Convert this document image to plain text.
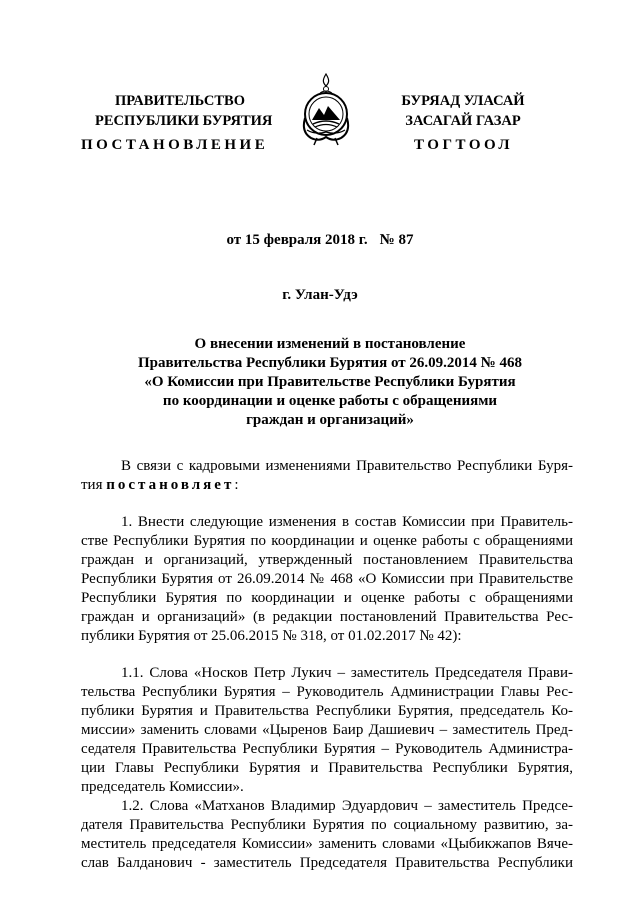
ПРАВИТЕЛЬСТВО
РЕСПУБЛИКИ БУРЯТИЯ
БУРЯАД УЛАСАЙ
ЗАСАГАЙ ГАЗАР
ПОСТАНОВЛЕНИЕ	ТОГТООЛ
от 15 февраля 2018 г. № 87
г. Улан-Удэ
О внесении изменений в постановление
Правительства Республики Бурятия от 26.09.2014 № 468
«О Комиссии при Правительстве Республики Бурятия
по координации и оценке работы с обращениями
граждан и организаций»

В связи с кадровыми изменениями Правительство Республики Буря-
тия постановляет:

1. Внести следующие изменения в состав Комиссии при Правитель-
стве Республики Бурятия по координации и оценке работы с обращениями
граждан и организаций, утвержденный постановлением Правительства
Республики Бурятия от 26.09.2014 № 468 «О Комиссии при Правительстве
Республики Бурятия по координации и оценке работы с обращениями
граждан и организаций» (в редакции постановлений Правительства Рес-
публики Бурятия от 25.06.2015 № 318, от 01.02.2017 № 42):

1.1. Слова «Носков Петр Лукич – заместитель Председателя Прави-
тельства Республики Бурятия – Руководитель Администрации Главы Рес-
публики Бурятия и Правительства Республики Бурятия, председатель Ко-
миссии» заменить словами «Цыренов Баир Дашиевич – заместитель Пред-
седателя Правительства Республики Бурятия – Руководитель Администра-
ции Главы Республики Бурятия и Правительства Республики Бурятия,
председатель Комиссии».

1.2. Слова «Матханов Владимир Эдуардович – заместитель Предсе-
дателя Правительства Республики Бурятия по социальному развитию, за-
меститель председателя Комиссии» заменить словами «Цыбикжапов Вяче-
слав Балданович - заместитель Председателя Правительства Республики
